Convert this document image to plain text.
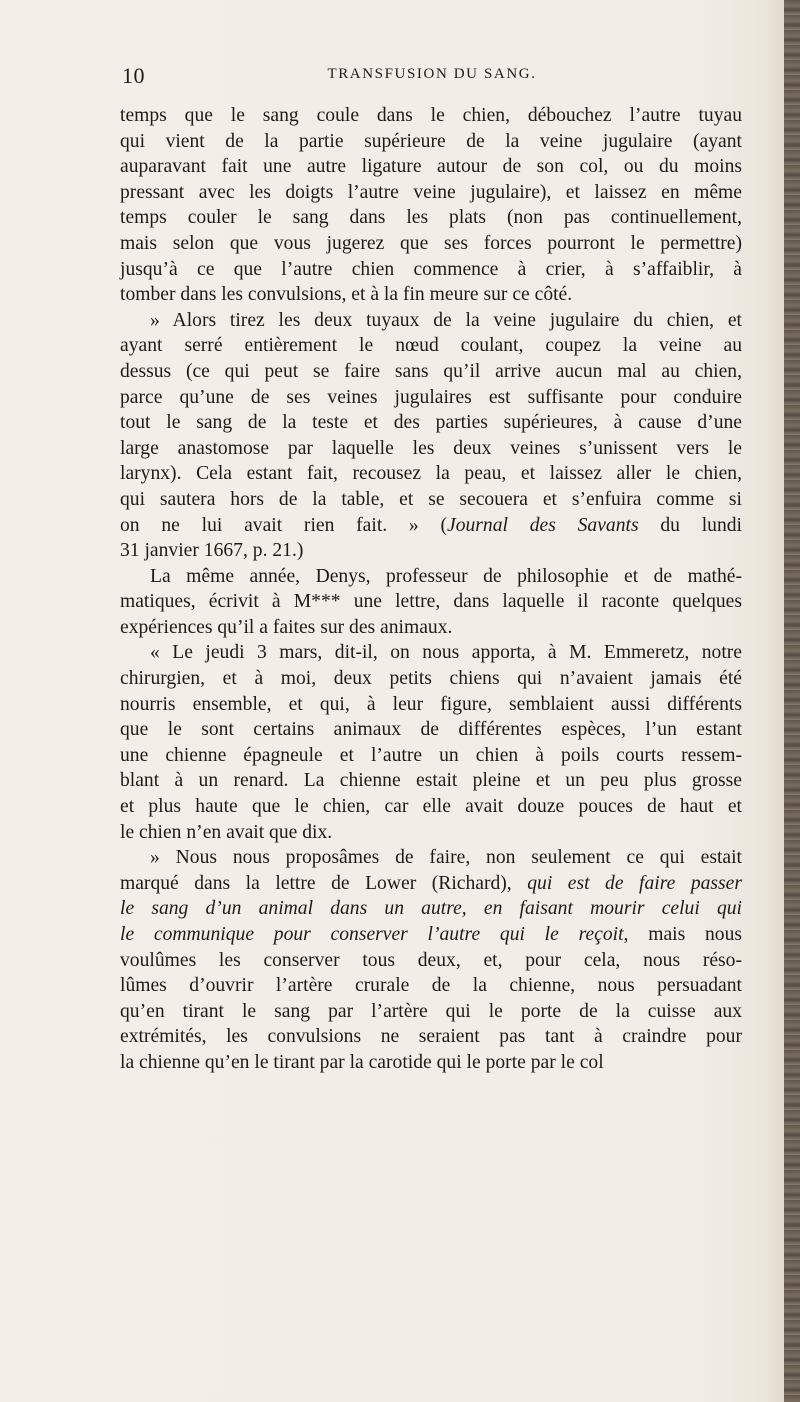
10	TRANSFUSION DU SANG.
temps que le sang coule dans le chien, débouchez l’autre tuyau
qui vient de la partie supérieure de la veine jugulaire (ayant
auparavant fait une autre ligature autour de son col, ou du moins
pressant avec les doigts l’autre veine jugulaire), et laissez en même
temps couler le sang dans les plats (non pas continuellement,
mais selon que vous jugerez que ses forces pourront le permettre)
jusqu’à ce que l’autre chien commence à crier, à s’affaiblir, à
tomber dans les convulsions, et à la fin meure sur ce côté.
» Alors tirez les deux tuyaux de la veine jugulaire du chien, et
ayant serré entièrement le nœud coulant, coupez la veine au
dessus (ce qui peut se faire sans qu’il arrive aucun mal au chien,
parce qu’une de ses veines jugulaires est suffisante pour conduire
tout le sang de la teste et des parties supérieures, à cause d’une
large anastomose par laquelle les deux veines s’unissent vers le
larynx). Cela estant fait, recousez la peau, et laissez aller le chien,
qui sautera hors de la table, et se secouera et s’enfuira comme si
on ne lui avait rien fait. » (Journal des Savants du lundi
31 janvier 1667, p. 21.)
La même année, Denys, professeur de philosophie et de mathé-
matiques, écrivit à M*** une lettre, dans laquelle il raconte quelques
expériences qu’il a faites sur des animaux.
« Le jeudi 3 mars, dit-il, on nous apporta, à M. Emmeretz, notre
chirurgien, et à moi, deux petits chiens qui n’avaient jamais été
nourris ensemble, et qui, à leur figure, semblaient aussi différents
que le sont certains animaux de différentes espèces, l’un estant
une chienne épagneule et l’autre un chien à poils courts ressem-
blant à un renard. La chienne estait pleine et un peu plus grosse
et plus haute que le chien, car elle avait douze pouces de haut et
le chien n’en avait que dix.
» Nous nous proposâmes de faire, non seulement ce qui estait
marqué dans la lettre de Lower (Richard), qui est de faire passer
le sang d’un animal dans un autre, en faisant mourir celui qui
le communique pour conserver l’autre qui le reçoit, mais nous
voulûmes les conserver tous deux, et, pour cela, nous réso-
lûmes d’ouvrir l’artère crurale de la chienne, nous persuadant
qu’en tirant le sang par l’artère qui le porte de la cuisse aux
extrémités, les convulsions ne seraient pas tant à craindre pour
la chienne qu’en le tirant par la carotide qui le porte par le col
